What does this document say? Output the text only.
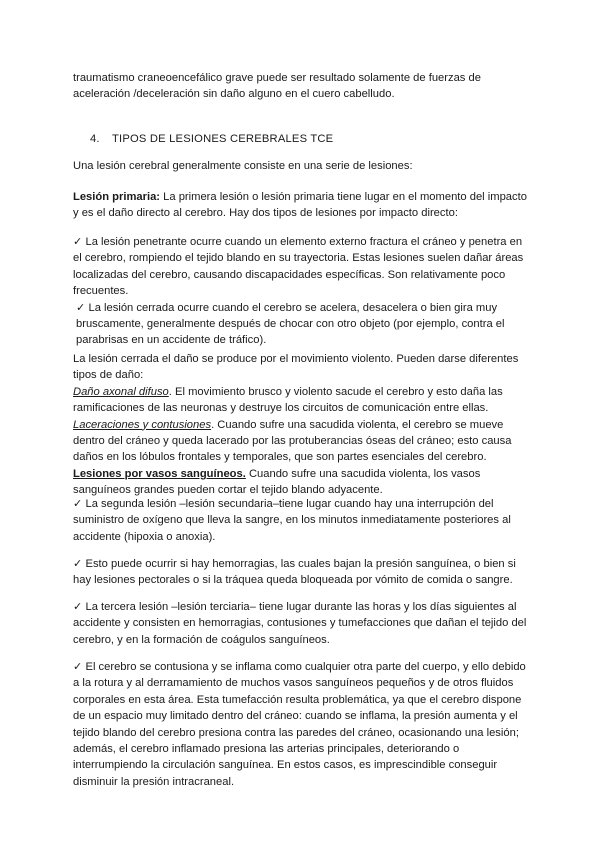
traumatismo craneoencefálico grave puede ser resultado solamente de fuerzas de aceleración /deceleración sin daño alguno en el cuero cabelludo.

4. TIPOS DE LESIONES CEREBRALES TCE

Una lesión cerebral generalmente consiste en una serie de lesiones:

Lesión primaria: La primera lesión o lesión primaria tiene lugar en el momento del impacto y es el daño directo al cerebro. Hay dos tipos de lesiones por impacto directo:

✓ La lesión penetrante ocurre cuando un elemento externo fractura el cráneo y penetra en el cerebro, rompiendo el tejido blando en su trayectoria. Estas lesiones suelen dañar áreas localizadas del cerebro, causando discapacidades específicas. Son relativamente poco frecuentes.

✓ La lesión cerrada ocurre cuando el cerebro se acelera, desacelera o bien gira muy bruscamente, generalmente después de chocar con otro objeto (por ejemplo, contra el parabrisas en un accidente de tráfico).

La lesión cerrada el daño se produce por el movimiento violento. Pueden darse diferentes tipos de daño:

Daño axonal difuso. El movimiento brusco y violento sacude el cerebro y esto daña las ramificaciones de las neuronas y destruye los circuitos de comunicación entre ellas.

Laceraciones y contusiones. Cuando sufre una sacudida violenta, el cerebro se mueve dentro del cráneo y queda lacerado por las protuberancias óseas del cráneo; esto causa daños en los lóbulos frontales y temporales, que son partes esenciales del cerebro.

Lesiones por vasos sanguíneos. Cuando sufre una sacudida violenta, los vasos sanguíneos grandes pueden cortar el tejido blando adyacente.

✓ La segunda lesión –lesión secundaria–tiene lugar cuando hay una interrupción del suministro de oxígeno que lleva la sangre, en los minutos inmediatamente posteriores al accidente (hipoxia o anoxia).

✓ Esto puede ocurrir si hay hemorragias, las cuales bajan la presión sanguínea, o bien si hay lesiones pectorales o si la tráquea queda bloqueada por vómito de comida o sangre.

✓ La tercera lesión –lesión terciaria– tiene lugar durante las horas y los días siguientes al accidente y consisten en hemorragias, contusiones y tumefacciones que dañan el tejido del cerebro, y en la formación de coágulos sanguíneos.

✓ El cerebro se contusiona y se inflama como cualquier otra parte del cuerpo, y ello debido a la rotura y al derramamiento de muchos vasos sanguíneos pequeños y de otros fluidos corporales en esta área. Esta tumefacción resulta problemática, ya que el cerebro dispone de un espacio muy limitado dentro del cráneo: cuando se inflama, la presión aumenta y el tejido blando del cerebro presiona contra las paredes del cráneo, ocasionando una lesión; además, el cerebro inflamado presiona las arterias principales, deteriorando o interrumpiendo la circulación sanguínea. En estos casos, es imprescindible conseguir disminuir la presión intracraneal.
